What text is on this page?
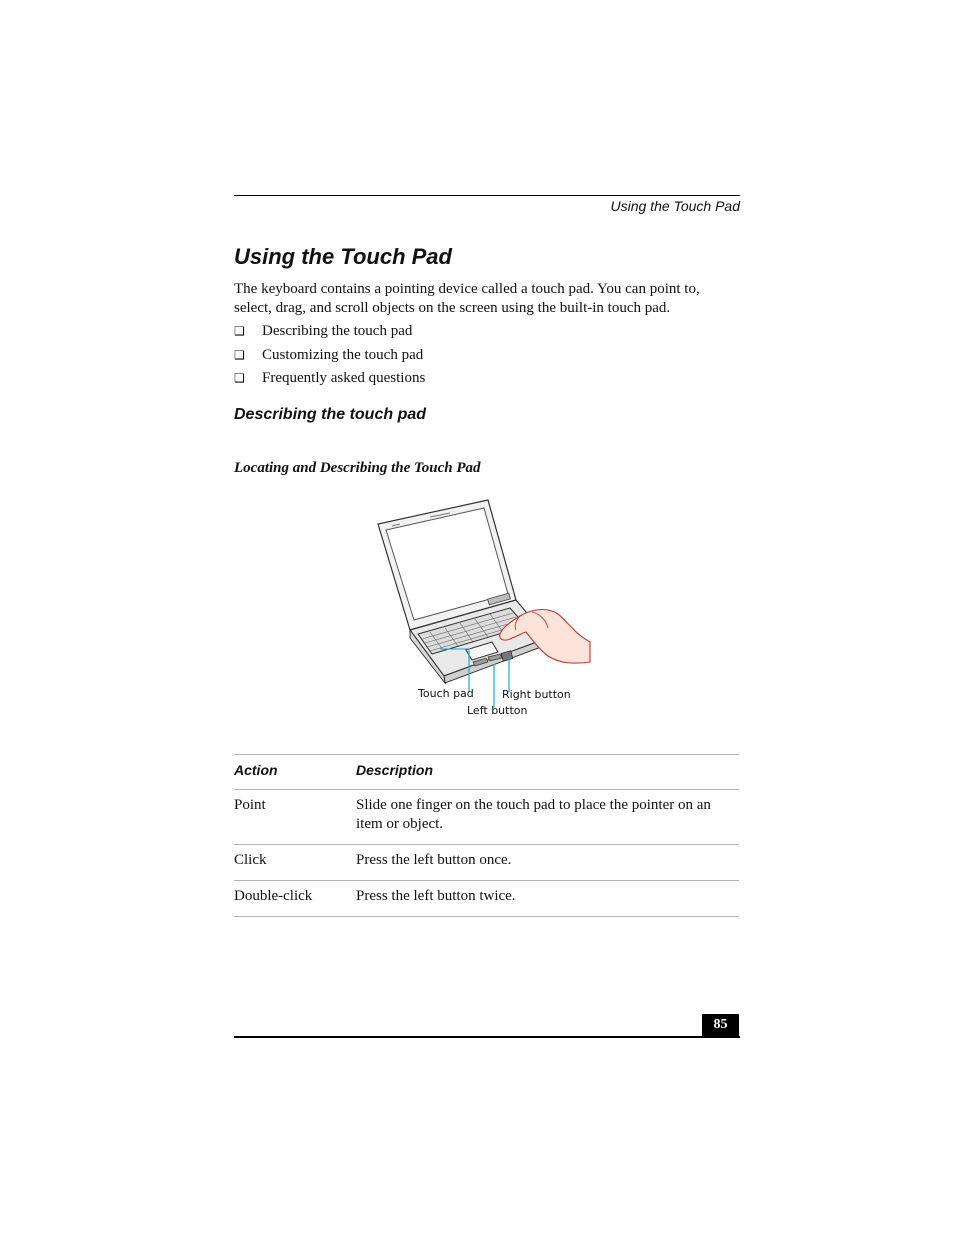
Using the Touch Pad
Using the Touch Pad

The keyboard contains a pointing device called a touch pad. You can point to, select, drag, and scroll objects on the screen using the built-in touch pad.

❑	Describing the touch pad
❑	Customizing the touch pad
❑	Frequently asked questions
Describing the touch pad

Locating and Describing the Touch Pad

Touch pad	Right button
Left button
Action	Description
Point	Slide one finger on the touch pad to place the pointer on an item or object.
Click	Press the left button once.
Double-click	Press the left button twice.
85
